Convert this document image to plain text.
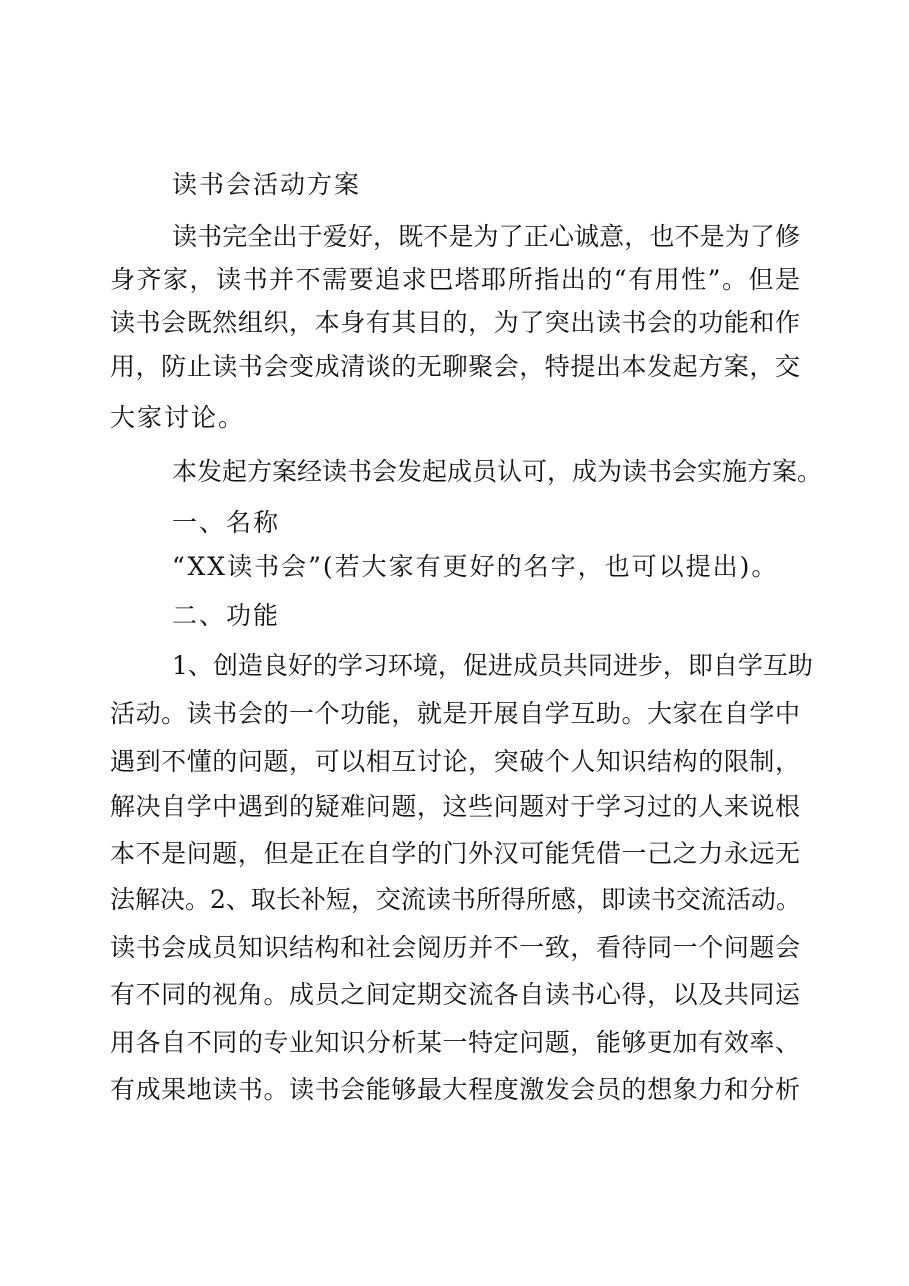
读书会活动方案
读书完全出于爱好，既不是为了正心诚意，也不是为了修
身齐家，读书并不需要追求巴塔耶所指出的“有用性”。但是
读书会既然组织，本身有其目的，为了突出读书会的功能和作
用，防止读书会变成清谈的无聊聚会，特提出本发起方案，交
大家讨论。
本发起方案经读书会发起成员认可，成为读书会实施方案。
一、名称
“XX读书会”(若大家有更好的名字，也可以提出)。
二、功能
1、创造良好的学习环境，促进成员共同进步，即自学互助
活动。读书会的一个功能，就是开展自学互助。大家在自学中
遇到不懂的问题，可以相互讨论，突破个人知识结构的限制，
解决自学中遇到的疑难问题，这些问题对于学习过的人来说根
本不是问题，但是正在自学的门外汉可能凭借一己之力永远无
法解决。2、取长补短，交流读书所得所感，即读书交流活动。
读书会成员知识结构和社会阅历并不一致，看待同一个问题会
有不同的视角。成员之间定期交流各自读书心得，以及共同运
用各自不同的专业知识分析某一特定问题，能够更加有效率、
有成果地读书。读书会能够最大程度激发会员的想象力和分析
